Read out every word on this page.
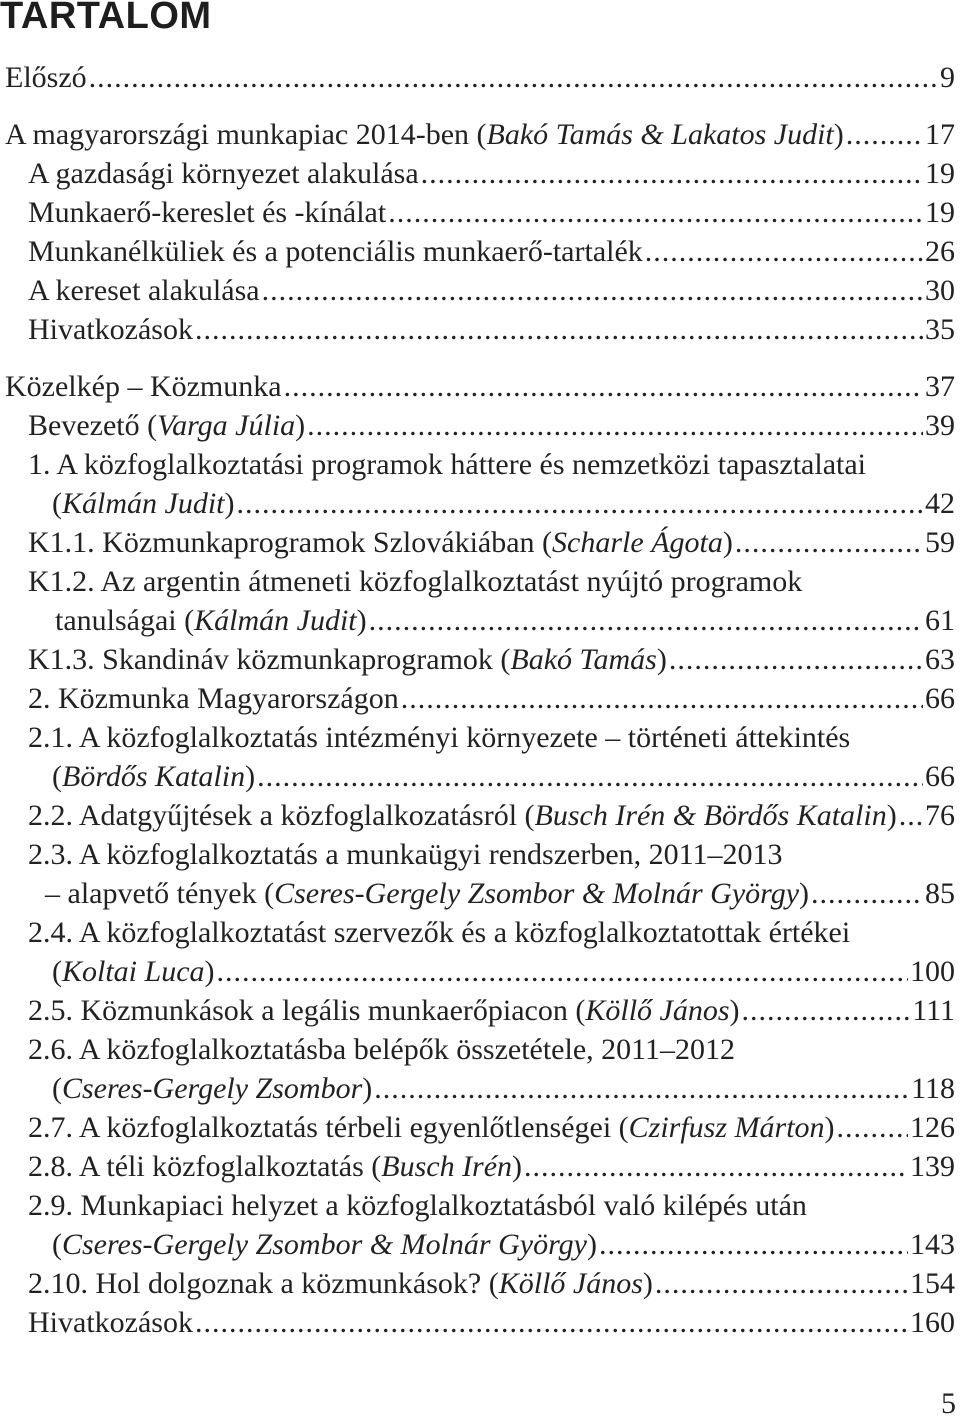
TARTALOM
Előszó .....	9
A magyarországi munkapiac 2014-ben (Bakó Tamás & Lakatos Judit) .....	17
A gazdasági környezet alakulása .....	19
Munkaerő-kereslet és -kínálat .....	19
Munkanélküliek és a potenciális munkaerő-tartalék .....	26
A kereset alakulása .....	30
Hivatkozások .....	35
Közelkép – Közmunka .....	37
Bevezető (Varga Júlia) .....	39
1. A közfoglalkoztatási programok háttere és nemzetközi tapasztalatai
(Kálmán Judit) .....	42
K1.1. Közmunkaprogramok Szlovákiában (Scharle Ágota) .....	59
K1.2. Az argentin átmeneti közfoglalkoztatást nyújtó programok
tanulságai (Kálmán Judit) .....	61
K1.3. Skandináv közmunkaprogramok (Bakó Tamás) .....	63
2. Közmunka Magyarországon .....	66
2.1. A közfoglalkoztatás intézményi környezete – történeti áttekintés
(Bördős Katalin) .....	66
2.2. Adatgyűjtések a közfoglalkozatásról (Busch Irén & Bördős Katalin) ..... 76
2.3. A közfoglalkoztatás a munkaügyi rendszerben, 2011–2013
– alapvető tények (Cseres-Gergely Zsombor & Molnár György) .....	85
2.4. A közfoglalkoztatást szervezők és a közfoglalkoztatottak értékei
(Koltai Luca) .....	100
2.5. Közmunkások a legális munkaerőpiacon (Köllő János) .....	111
2.6. A közfoglalkoztatásba belépők összetétele, 2011–2012
(Cseres-Gergely Zsombor) .....	118
2.7. A közfoglalkoztatás térbeli egyenlőtlenségei (Czirfusz Márton) .....	126
2.8. A téli közfoglalkoztatás (Busch Irén) .....	139
2.9. Munkapiaci helyzet a közfoglalkoztatásból való kilépés után
(Cseres-Gergely Zsombor & Molnár György) .....	143
2.10. Hol dolgoznak a közmunkások? (Köllő János) .....	154
Hivatkozások .....	160
5
